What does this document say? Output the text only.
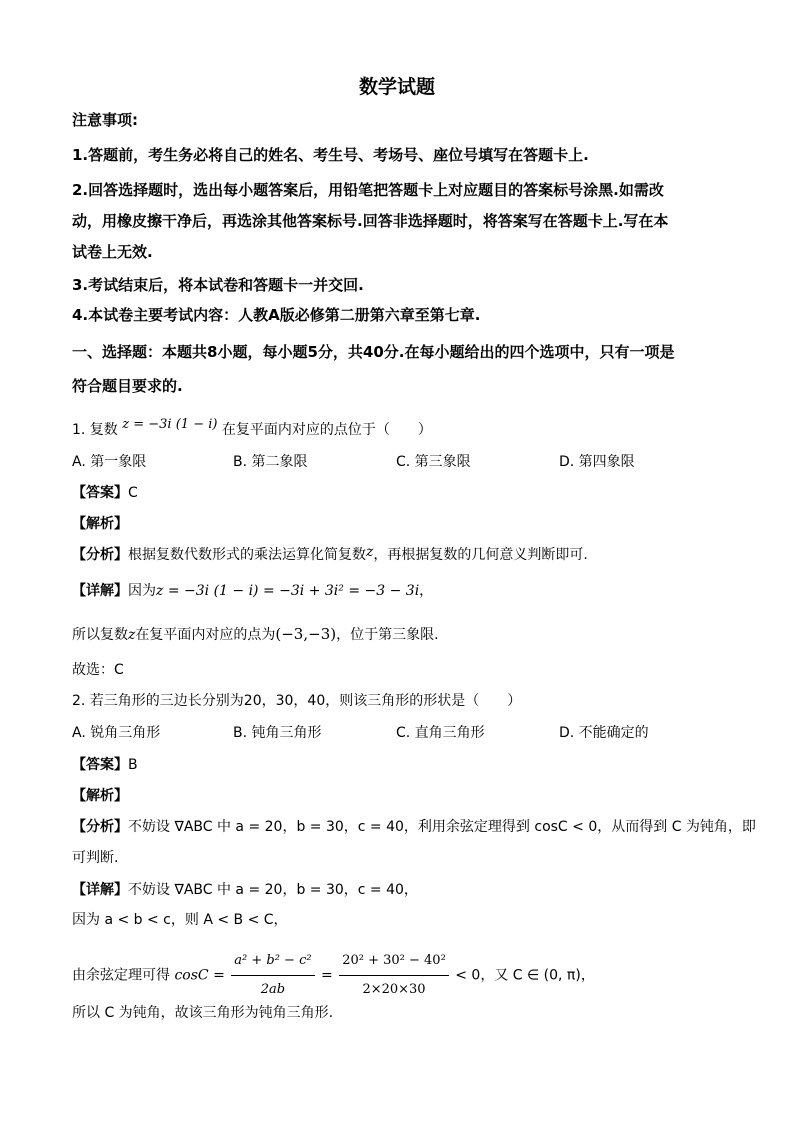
数学试题
注意事项:
1.答题前，考生务必将自己的姓名、考生号、考场号、座位号填写在答题卡上.
2.回答选择题时，选出每小题答案后，用铅笔把答题卡上对应题目的答案标号涂黑.如需改
动，用橡皮擦干净后，再选涂其他答案标号.回答非选择题时，将答案写在答题卡上.写在本
试卷上无效.
3.考试结束后，将本试卷和答题卡一并交回.
4.本试卷主要考试内容：人教A版必修第二册第六章至第七章.
一、选择题：本题共8小题，每小题5分，共40分.在每小题给出的四个选项中，只有一项是
符合题目要求的.
1. 复数 z = −3i (1 − i) 在复平面内对应的点位于（　　）
A. 第一象限	B. 第二象限	C. 第三象限	D. 第四象限
【答案】C
【解析】
【分析】根据复数代数形式的乘法运算化简复数z，再根据复数的几何意义判断即可.
【详解】因为z = −3i (1 − i) = −3i + 3i² = −3 − 3i，
所以复数z在复平面内对应的点为(−3,−3)，位于第三象限.
故选：C
2. 若三角形的三边长分别为20，30，40，则该三角形的形状是（　　）
A. 锐角三角形	B. 钝角三角形	C. 直角三角形	D. 不能确定的
【答案】B
【解析】
【分析】不妨设 ∇ABC 中 a = 20，b = 30，c = 40，利用余弦定理得到 cosC < 0，从而得到 C 为钝角，即
可判断.
【详解】不妨设 ∇ABC 中 a = 20，b = 30，c = 40，
因为 a < b < c，则 A < B < C，
由余弦定理可得 $\cos C = \frac{\text{a² + b² − c²}}{2ab} = \frac{\text{20² + 30² − 40²}}{2\times 20\times 30} < 0$，又 C ∈ (0, π)，
所以 C 为钝角，故该三角形为钝角三角形.
